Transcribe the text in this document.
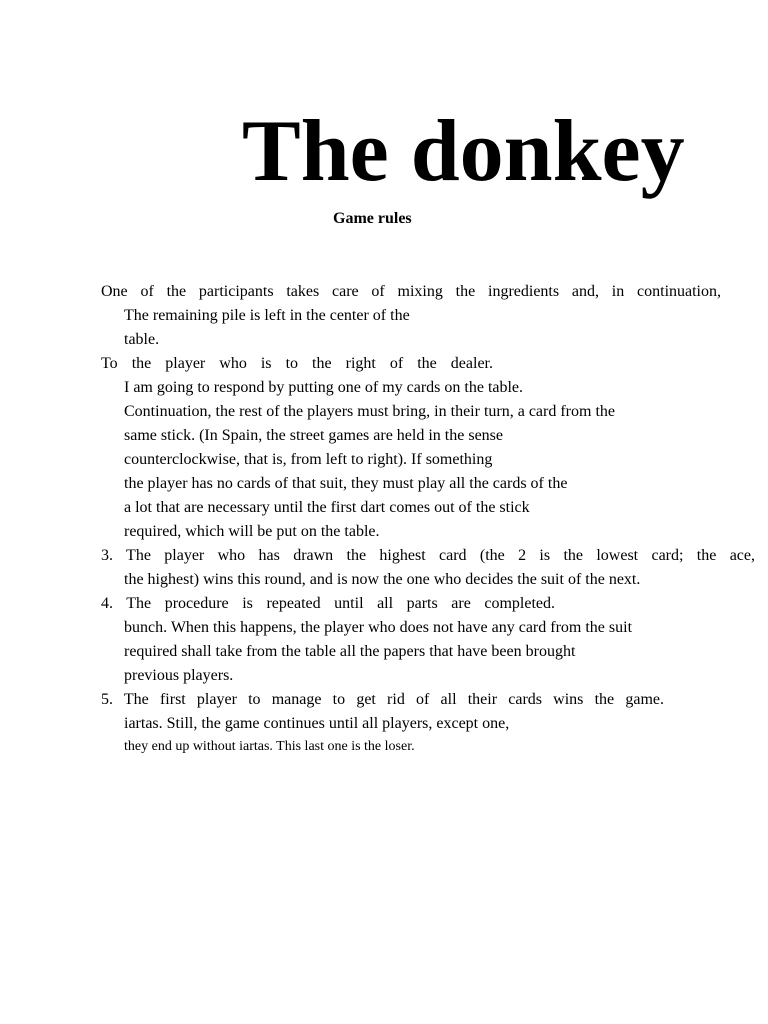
The donkey
Game rules
One of the participants takes care of mixing the ingredients and, in continuation,
The remaining pile is left in the center of the
table.
To the player who is to the right of the dealer.
I am going to respond by putting one of my cards on the table.
Continuation, the rest of the players must bring, in their turn, a card from the
same stick. (In Spain, the street games are held in the sense
counterclockwise, that is, from left to right). If something
the player has no cards of that suit, they must play all the cards of the
a lot that are necessary until the first dart comes out of the stick
required, which will be put on the table.
3. The player who has drawn the highest card (the 2 is the lowest card; the ace,
the highest) wins this round, and is now the one who decides the suit of the next.
4. The procedure is repeated until all parts are completed.
bunch. When this happens, the player who does not have any card from the suit
required shall take from the table all the papers that have been brought
previous players.
5. The first player to manage to get rid of all their cards wins the game.
iartas. Still, the game continues until all players, except one,
they end up without iartas. This last one is the loser.
